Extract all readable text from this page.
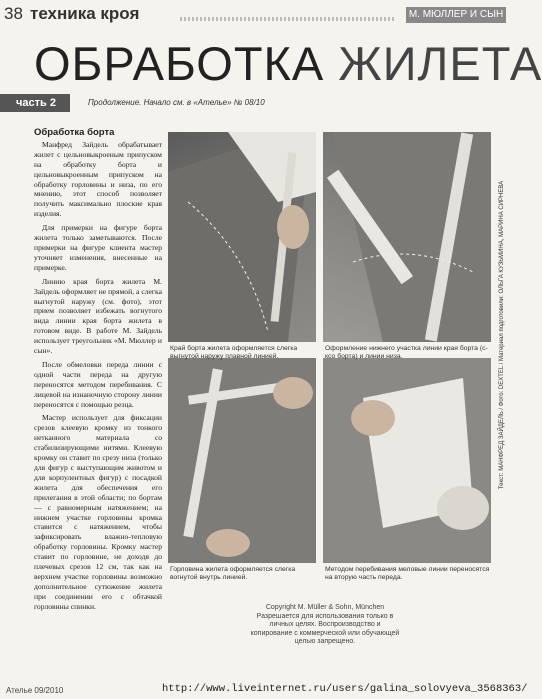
38 техника кроя	М. МЮЛЛЕР И СЫН
ОБРАБОТКА ЖИЛЕТА
часть 2	Продолжение. Начало см. в «Ателье» № 08/10
Обработка борта

Манфред Зайдель обрабатывает жилет с цельновыкроеным припуском на обработку борта и цельновыкроенным припуском на обработку горловины и низа, по его мнению, этот способ позволяет получить максимально плоские края изделия.

Для примерки на фигуре борта жилета только заметываются. После примерки на фигуре клиента мастер уточняет изменения, внесенные на примерке.

Линию края борта жилета М. Зайдель оформляет не прямой, а слегка выгнутой наружу (см. фото), этот прием позволяет избежать вогнутого вида линии края борта жилета в готовом виде. В работе М. Зайдель использует треугольник «М. Мюллер и сын».

После обмеловки переда линии с одной части переда на другую переносятся методом перебивания. С лицевой на изнаночную сторону линии переносятся с помощью резца.

Мастер использует для фиксации срезов клеевую кромку из тонкого нетканного материала со стабилизирующими нитями. Клеевую кромку он ставит по срезу низа (только для фигур с выступающим животом и для корпулентных фигур) с посадкой жилета для обеспечения его прилегания в этой области; по бортам — с равномерным натяжением; на нижнем участке горловины кромка ставится с натяжением, чтобы зафиксировать влажно-тепловую обработку горловины. Кромку мастер ставит по горловине, не доходя до плечевых срезов 12 см, так как на верхнем участке горловины возможно дополнительное сутюжение жилета при соединении его с обтачкой горловины спинки.

Край борта жилета оформляется слегка выгнутой наружу плавной линией.
Оформление нижнего участка линии края борта (с-ксо борта) и линии низа.
Горловина жилета оформляется слегка вогнутой внутрь линией.
Методом перебивания меловые линии переносятся на вторую часть переда.
Текст: МАНФРЕД ЗАЙДЕЛЬ / Фото: DEXTEL / Материал подготовили: ОЛЬГА КУЗЬМИНА, МАРИНА СИРНЕВА
Copyright M. Müller & Sohn, München Разрешается для использования только в личных целях. Воспроизводство и копирование с коммерческой или обучающей целью запрещено.
Ателье 09/2010	http://www.liveinternet.ru/users/galina_solovyeva_3568363/
